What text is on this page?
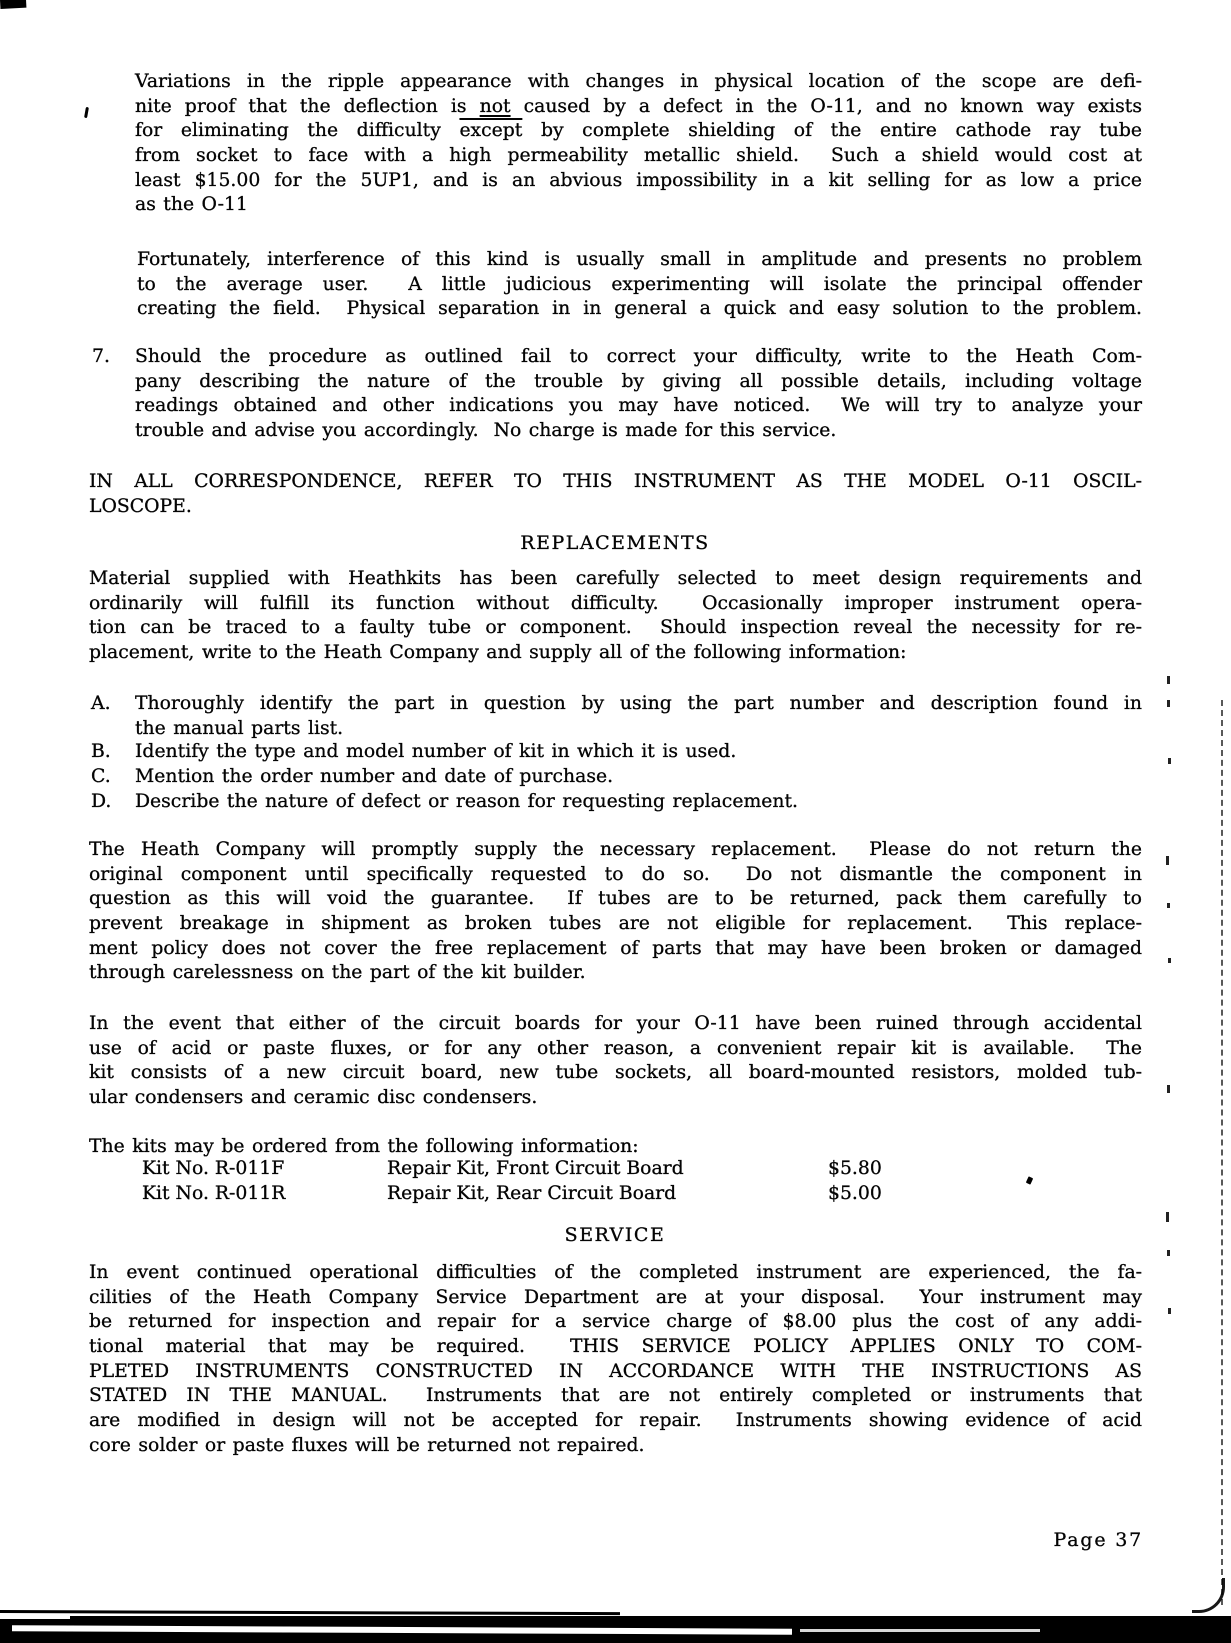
Variations in the ripple appearance with changes in physical location of the scope are defi-
nite proof that the deflection is not caused by a defect in the O-11, and no known way exists
for eliminating the difficulty except by complete shielding of the entire cathode ray tube
from socket to face with a high permeability metallic shield.  Such a shield would cost at
least $15.00 for the 5UP1, and is an abvious impossibility in a kit selling for as low a price
as the O-11
Fortunately, interference of this kind is usually small in amplitude and presents no problem
to the average user.  A little judicious experimenting will isolate the principal offender
creating the field.  Physical separation in in general a quick and easy solution to the problem.
7. Should the procedure as outlined fail to correct your difficulty, write to the Heath Com-
pany describing the nature of the trouble by giving all possible details, including voltage
readings obtained and other indications you may have noticed.  We will try to analyze your
trouble and advise you accordingly.  No charge is made for this service.
IN ALL CORRESPONDENCE, REFER TO THIS INSTRUMENT AS THE MODEL O-11 OSCIL-
LOSCOPE.
REPLACEMENTS
Material supplied with Heathkits has been carefully selected to meet design requirements and
ordinarily will fulfill its function without difficulty.  Occasionally improper instrument opera-
tion can be traced to a faulty tube or component.  Should inspection reveal the necessity for re-
placement, write to the Heath Company and supply all of the following information:
A. Thoroughly identify the part in question by using the part number and description found in
the manual parts list.
B. Identify the type and model number of kit in which it is used.
C. Mention the order number and date of purchase.
D. Describe the nature of defect or reason for requesting replacement.
The Heath Company will promptly supply the necessary replacement.  Please do not return the
original component until specifically requested to do so.  Do not dismantle the component in
question as this will void the guarantee.  If tubes are to be returned, pack them carefully to
prevent breakage in shipment as broken tubes are not eligible for replacement.  This replace-
ment policy does not cover the free replacement of parts that may have been broken or damaged
through carelessness on the part of the kit builder.
In the event that either of the circuit boards for your O-11 have been ruined through accidental
use of acid or paste fluxes, or for any other reason, a convenient repair kit is available.  The
kit consists of a new circuit board, new tube sockets, all board-mounted resistors, molded tub-
ular condensers and ceramic disc condensers.
The kits may be ordered from the following information:
Kit No. R-011F	Repair Kit, Front Circuit Board	$5.80
Kit No. R-011R	Repair Kit, Rear Circuit Board	$5.00
SERVICE
In event continued operational difficulties of the completed instrument are experienced, the fa-
cilities of the Heath Company Service Department are at your disposal.  Your instrument may
be returned for inspection and repair for a service charge of $8.00 plus the cost of any addi-
tional material that may be required.  THIS SERVICE POLICY APPLIES ONLY TO COM-
PLETED INSTRUMENTS CONSTRUCTED IN ACCORDANCE WITH THE INSTRUCTIONS AS
STATED IN THE MANUAL.  Instruments that are not entirely completed or instruments that
are modified in design will not be accepted for repair.  Instruments showing evidence of acid
core solder or paste fluxes will be returned not repaired.
Page 37
